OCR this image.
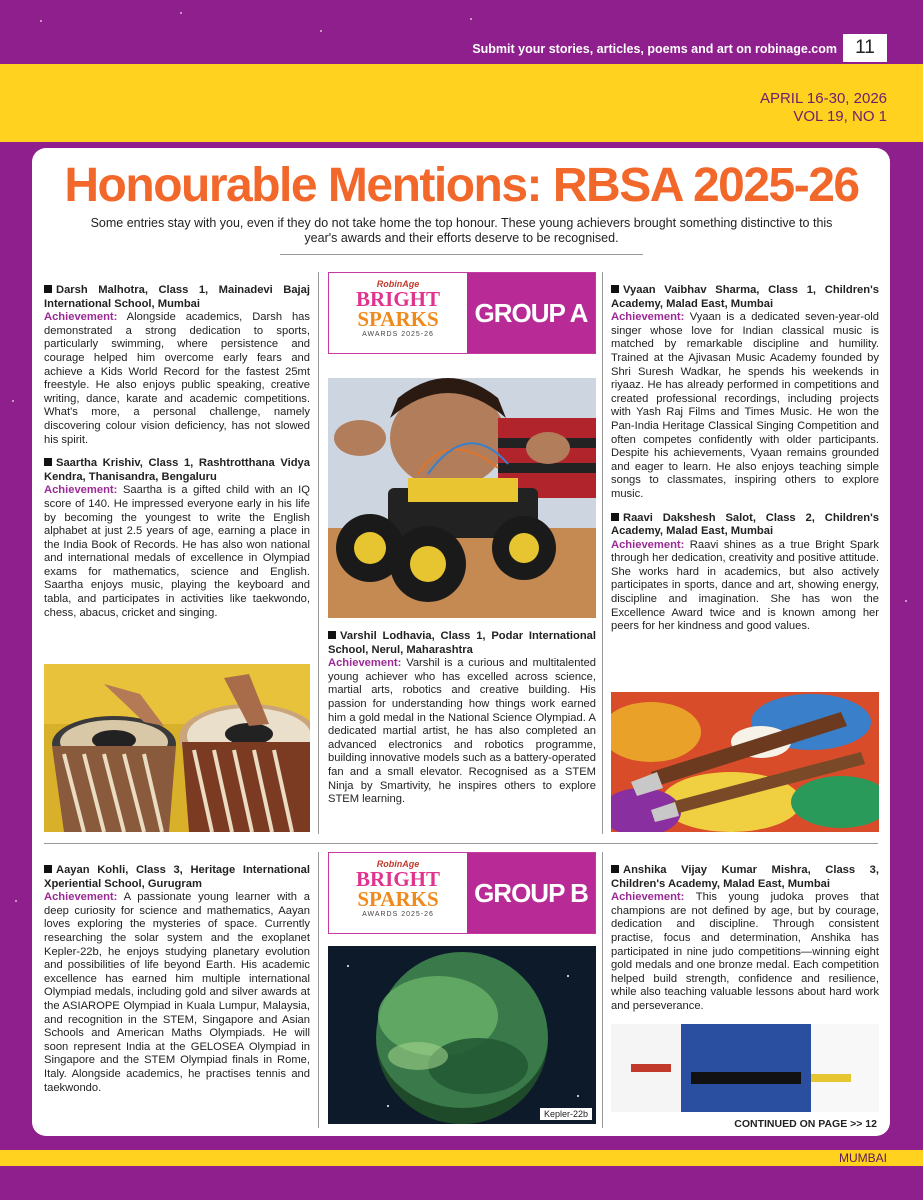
Submit your stories, articles, poems and art on robinage.com 11
APRIL 16-30, 2026
VOL 19, NO 1
Honourable Mentions: RBSA 2025-26
Some entries stay with you, even if they do not take home the top honour. These young achievers brought something distinctive to this year's awards and their efforts deserve to be recognised.

Darsh Malhotra, Class 1, Mainadevi Bajaj International School, Mumbai
Achievement: Alongside academics, Darsh has demonstrated a strong dedication to sports, particularly swimming, where persistence and courage helped him overcome early fears and achieve a Kids World Record for the fastest 25mt freestyle. He also enjoys public speaking, creative writing, dance, karate and academic competitions. What's more, a personal challenge, namely discovering colour vision deficiency, has not slowed his spirit.

Saartha Krishiv, Class 1, Rashtrotthana Vidya Kendra, Thanisandra, Bengaluru
Achievement: Saartha is a gifted child with an IQ score of 140. He impressed everyone early in his life by becoming the youngest to write the English alphabet at just 2.5 years of age, earning a place in the India Book of Records. He has also won national and international medals of excellence in Olympiad exams for mathematics, science and English. Saartha enjoys music, playing the keyboard and tabla, and participates in activities like taekwondo, chess, abacus, cricket and singing.

RobinAge
BRIGHT
SPARKS
AWARDS 2025-26
GROUP A

Varshil Lodhavia, Class 1, Podar International School, Nerul, Maharashtra
Achievement: Varshil is a curious and multitalented young achiever who has excelled across science, martial arts, robotics and creative building. His passion for understanding how things work earned him a gold medal in the National Science Olympiad. A dedicated martial artist, he has also completed an advanced electronics and robotics programme, building innovative models such as a battery-operated fan and a small elevator. Recognised as a STEM Ninja by Smartivity, he inspires others to explore STEM learning.

Vyaan Vaibhav Sharma, Class 1, Children's Academy, Malad East, Mumbai
Achievement: Vyaan is a dedicated seven-year-old singer whose love for Indian classical music is matched by remarkable discipline and humility. Trained at the Ajivasan Music Academy founded by Shri Suresh Wadkar, he spends his weekends in riyaaz. He has already performed in competitions and created professional recordings, including projects with Yash Raj Films and Times Music. He won the Pan-India Heritage Classical Singing Competition and often competes confidently with older participants. Despite his achievements, Vyaan remains grounded and eager to learn. He also enjoys teaching simple songs to classmates, inspiring others to explore music.

Raavi Dakshesh Salot, Class 2, Children's Academy, Malad East, Mumbai
Achievement: Raavi shines as a true Bright Spark through her dedication, creativity and positive attitude. She works hard in academics, but also actively participates in sports, dance and art, showing energy, discipline and imagination. She has won the Excellence Award twice and is known among her peers for her kindness and good values.

Aayan Kohli, Class 3, Heritage International Xperiential School, Gurugram
Achievement: A passionate young learner with a deep curiosity for science and mathematics, Aayan loves exploring the mysteries of space. Currently researching the solar system and the exoplanet Kepler-22b, he enjoys studying planetary evolution and possibilities of life beyond Earth. His academic excellence has earned him multiple international Olympiad medals, including gold and silver awards at the ASIAROPE Olympiad in Kuala Lumpur, Malaysia, and recognition in the STEM, Singapore and Asian Schools and American Maths Olympiads. He will soon represent India at the GELOSEA Olympiad in Singapore and the STEM Olympiad finals in Rome, Italy. Alongside academics, he practises tennis and taekwondo.

RobinAge
BRIGHT
SPARKS
AWARDS 2025-26
GROUP B
Kepler-22b

Anshika Vijay Kumar Mishra, Class 3, Children's Academy, Malad East, Mumbai
Achievement: This young judoka proves that champions are not defined by age, but by courage, dedication and discipline. Through consistent practise, focus and determination, Anshika has participated in nine judo competitions—winning eight gold medals and one bronze medal. Each competition helped build strength, confidence and resilience, while also teaching valuable lessons about hard work and perseverance.

CONTINUED ON PAGE >> 12
MUMBAI
